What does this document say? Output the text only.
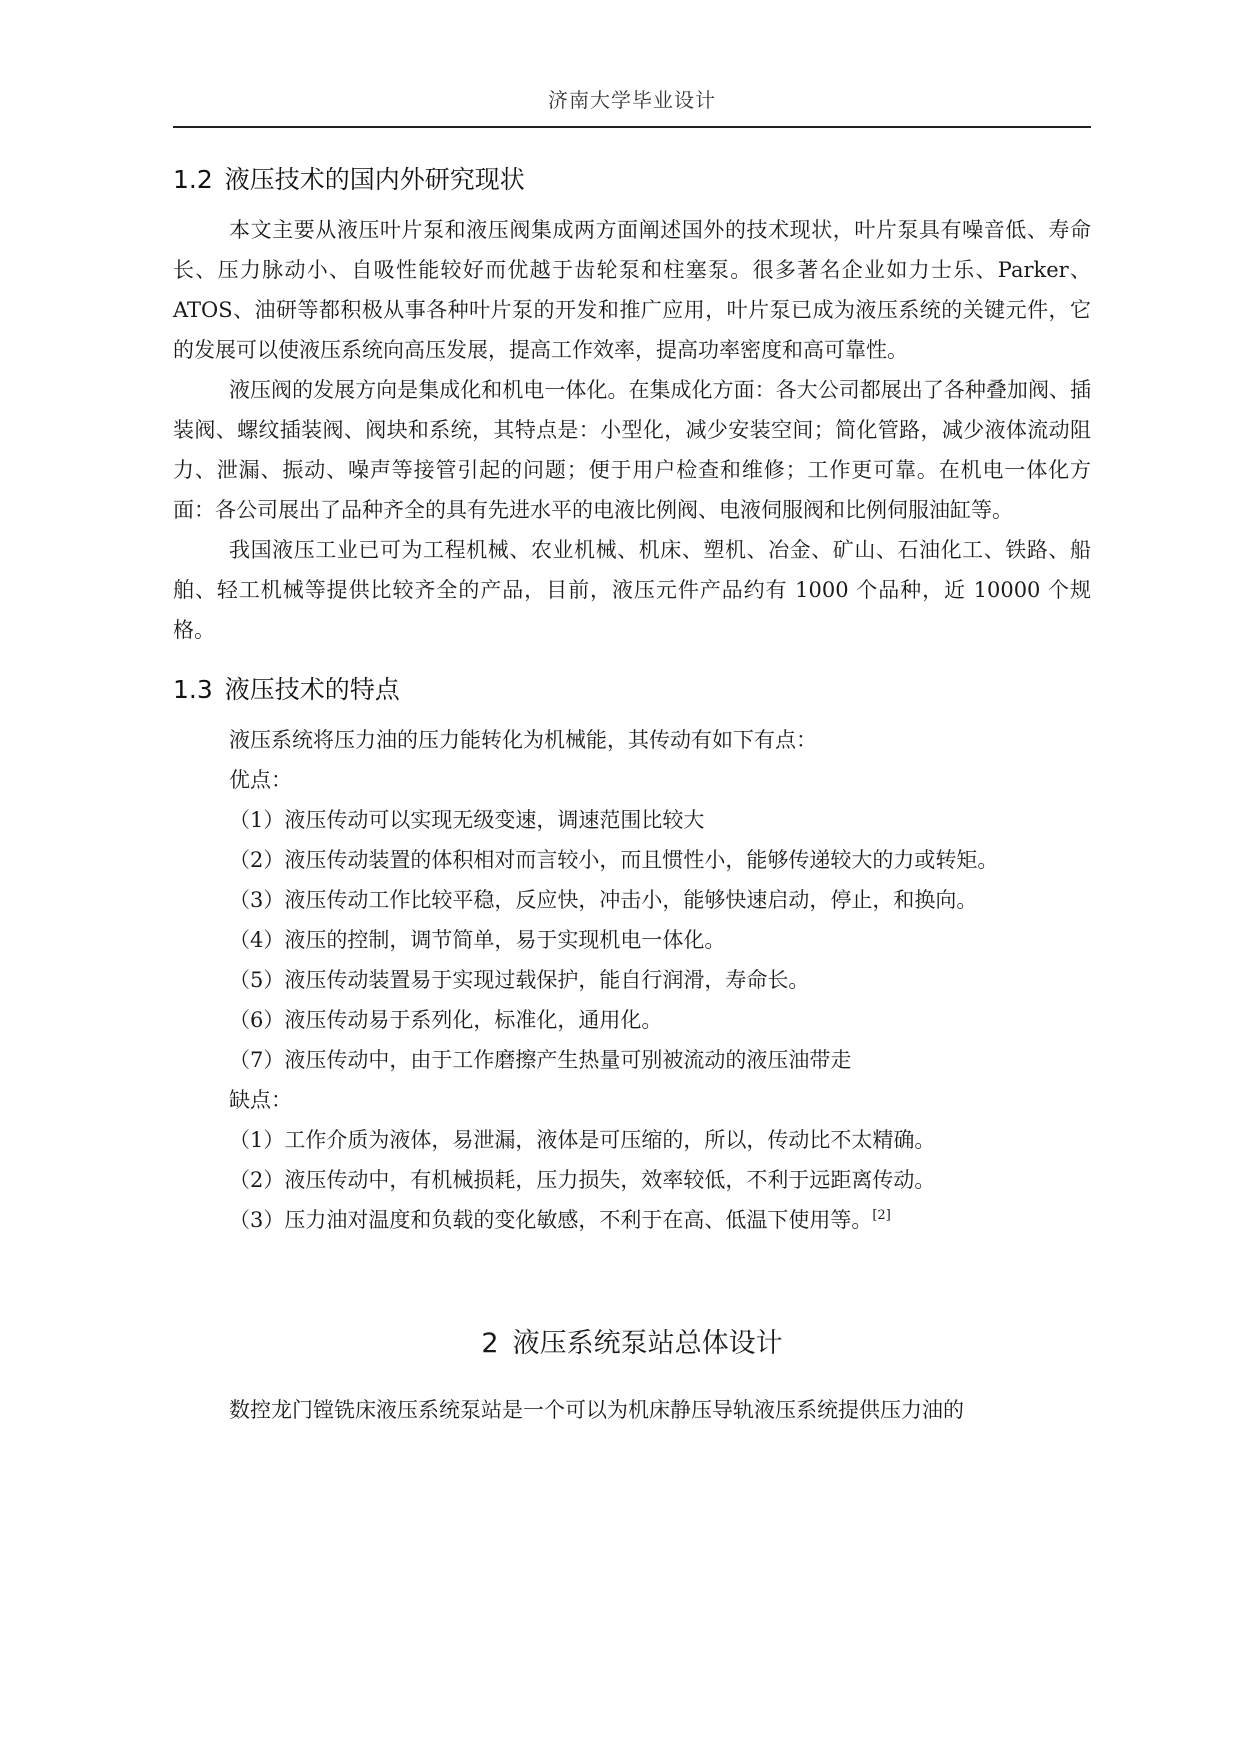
济南大学毕业设计
1.2 液压技术的国内外研究现状

本文主要从液压叶片泵和液压阀集成两方面阐述国外的技术现状，叶片泵具有噪音低、寿命长、压力脉动小、自吸性能较好而优越于齿轮泵和柱塞泵。很多著名企业如力士乐、Parker、ATOS、油研等都积极从事各种叶片泵的开发和推广应用，叶片泵已成为液压系统的关键元件，它的发展可以使液压系统向高压发展，提高工作效率，提高功率密度和高可靠性。

液压阀的发展方向是集成化和机电一体化。在集成化方面：各大公司都展出了各种叠加阀、插装阀、螺纹插装阀、阀块和系统，其特点是：小型化，减少安装空间；简化管路，减少液体流动阻力、泄漏、振动、噪声等接管引起的问题；便于用户检查和维修；工作更可靠。在机电一体化方面：各公司展出了品种齐全的具有先进水平的电液比例阀、电液伺服阀和比例伺服油缸等。

我国液压工业已可为工程机械、农业机械、机床、塑机、冶金、矿山、石油化工、铁路、船舶、轻工机械等提供比较齐全的产品，目前，液压元件产品约有 1000 个品种，近 10000 个规格。

1.3 液压技术的特点

液压系统将压力油的压力能转化为机械能，其传动有如下有点：

优点：

（1）液压传动可以实现无级变速，调速范围比较大

（2）液压传动装置的体积相对而言较小，而且惯性小，能够传递较大的力或转矩。

（3）液压传动工作比较平稳，反应快，冲击小，能够快速启动，停止，和换向。

（4）液压的控制，调节简单，易于实现机电一体化。

（5）液压传动装置易于实现过载保护，能自行润滑，寿命长。

（6）液压传动易于系列化，标准化，通用化。

（7）液压传动中，由于工作磨擦产生热量可别被流动的液压油带走

缺点：

（1）工作介质为液体，易泄漏，液体是可压缩的，所以，传动比不太精确。

（2）液压传动中，有机械损耗，压力损失，效率较低，不利于远距离传动。

（3）压力油对温度和负载的变化敏感，不利于在高、低温下使用等。[2]

2 液压系统泵站总体设计

数控龙门镗铣床液压系统泵站是一个可以为机床静压导轨液压系统提供压力油的
